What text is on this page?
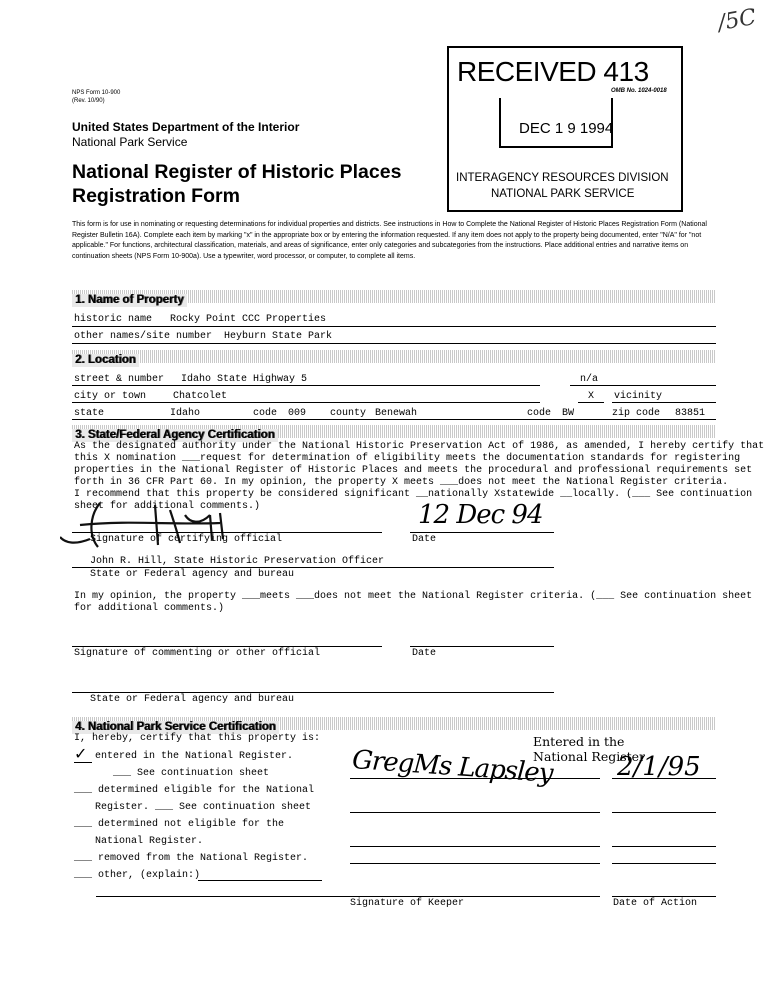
/5C
NPS Form 10-900
(Rev. 10/90)
United States Department of the Interior
National Park Service
National Register of Historic Places
Registration Form
RECEIVED 413
OMB No. 1024-0018
DEC 1 9 1994
INTERAGENCY RESOURCES DIVISION
NATIONAL PARK SERVICE
This form is for use in nominating or requesting determinations for individual properties and districts. See instructions in How to Complete the National Register of Historic Places Registration Form (National Register Bulletin 16A). Complete each item by marking "x" in the appropriate box or by entering the information requested. If any item does not apply to the property being documented, enter "N/A" for "not applicable." For functions, architectural classification, materials, and areas of significance, enter only categories and subcategories from the instructions. Place additional entries and narrative items on continuation sheets (NPS Form 10-900a). Use a typewriter, word processor, or computer, to complete all items.
1. Name of Property
historic name Rocky Point CCC Properties
other names/site number Heyburn State Park
2. Location
street & number Idaho State Highway 5	n/a
city or town	Chatcolet	X vicinity
state	Idaho	code 009 county Benewah	code BW	zip code 83851
3. State/Federal Agency Certification
As the designated authority under the National Historic Preservation Act of 1986, as amended, I hereby certify that
this X nomination ___request for determination of eligibility meets the documentation standards for registering
properties in the National Register of Historic Places and meets the procedural and professional requirements set
forth in 36 CFR Part 60. In my opinion, the property X meets ___does not meet the National Register criteria.
I recommend that this property be considered significant __nationally Xstatewide __locally. (___ See continuation
sheet for additional comments.)	12 Dec 94
Signature of certifying official	Date
John R. Hill, State Historic Preservation Officer
State or Federal agency and bureau
In my opinion, the property ___meets ___does not meet the National Register criteria. (___ See continuation sheet
for additional comments.)
Signature of commenting or other official	Date
State or Federal agency and bureau
4. National Park Service Certification
I, hereby, certify that this property is:	Entered in the
National Register
✓ entered in the National Register.
___ See continuation sheet
___ determined eligible for the National
Register. ___ See continuation sheet
___ determined not eligible for the
National Register.
___ removed from the National Register.
___ other, (explain:)
GregMs Lapsley 2/1/95
Signature of Keeper	Date of Action
